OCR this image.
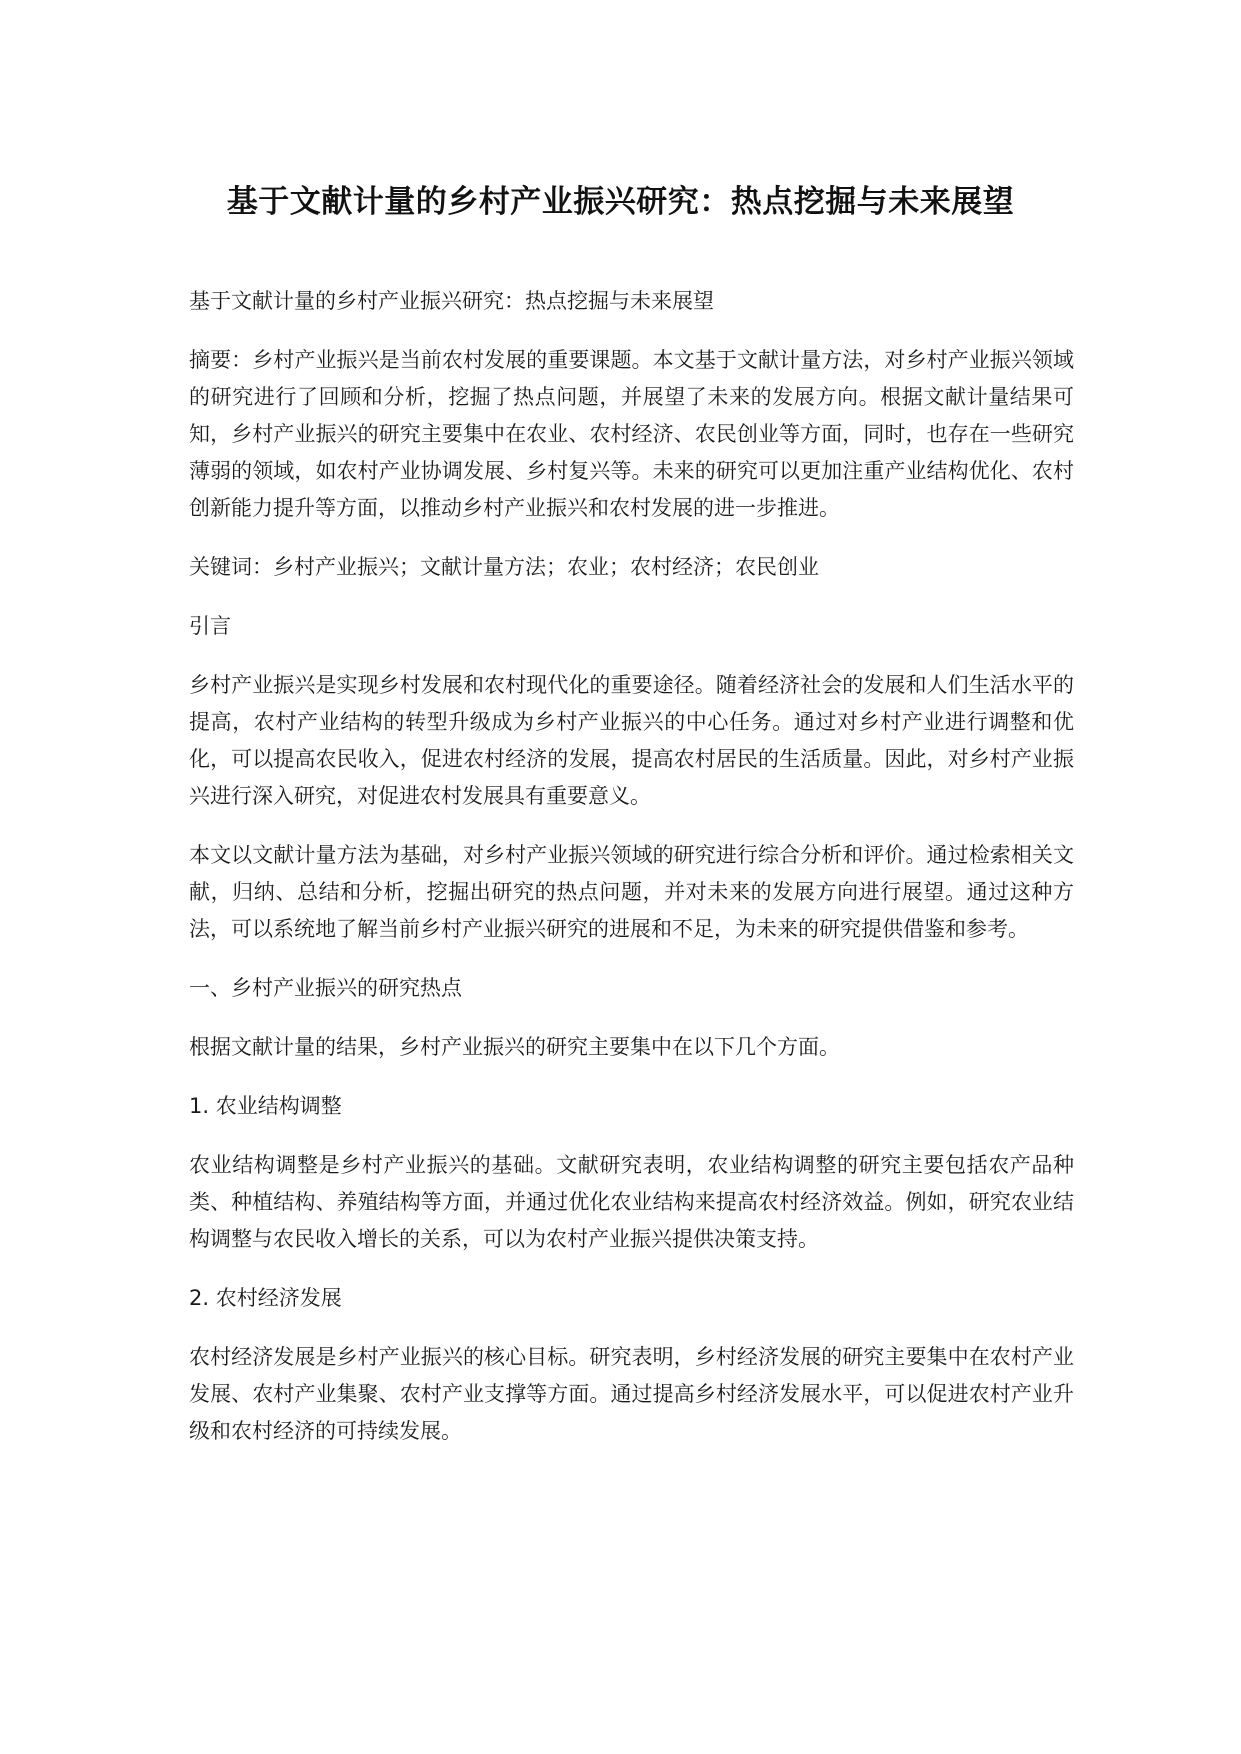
基于文献计量的乡村产业振兴研究：热点挖掘与未来展望

基于文献计量的乡村产业振兴研究：热点挖掘与未来展望

摘要：乡村产业振兴是当前农村发展的重要课题。本文基于文献计量方法，对乡村产业振兴领域的研究进行了回顾和分析，挖掘了热点问题，并展望了未来的发展方向。根据文献计量结果可知，乡村产业振兴的研究主要集中在农业、农村经济、农民创业等方面，同时，也存在一些研究薄弱的领域，如农村产业协调发展、乡村复兴等。未来的研究可以更加注重产业结构优化、农村创新能力提升等方面，以推动乡村产业振兴和农村发展的进一步推进。

关键词：乡村产业振兴；文献计量方法；农业；农村经济；农民创业

引言

乡村产业振兴是实现乡村发展和农村现代化的重要途径。随着经济社会的发展和人们生活水平的提高，农村产业结构的转型升级成为乡村产业振兴的中心任务。通过对乡村产业进行调整和优化，可以提高农民收入，促进农村经济的发展，提高农村居民的生活质量。因此，对乡村产业振兴进行深入研究，对促进农村发展具有重要意义。

本文以文献计量方法为基础，对乡村产业振兴领域的研究进行综合分析和评价。通过检索相关文献，归纳、总结和分析，挖掘出研究的热点问题，并对未来的发展方向进行展望。通过这种方法，可以系统地了解当前乡村产业振兴研究的进展和不足，为未来的研究提供借鉴和参考。

一、乡村产业振兴的研究热点

根据文献计量的结果，乡村产业振兴的研究主要集中在以下几个方面。

1. 农业结构调整

农业结构调整是乡村产业振兴的基础。文献研究表明，农业结构调整的研究主要包括农产品种类、种植结构、养殖结构等方面，并通过优化农业结构来提高农村经济效益。例如，研究农业结构调整与农民收入增长的关系，可以为农村产业振兴提供决策支持。

2. 农村经济发展

农村经济发展是乡村产业振兴的核心目标。研究表明，乡村经济发展的研究主要集中在农村产业发展、农村产业集聚、农村产业支撑等方面。通过提高乡村经济发展水平，可以促进农村产业升级和农村经济的可持续发展。
